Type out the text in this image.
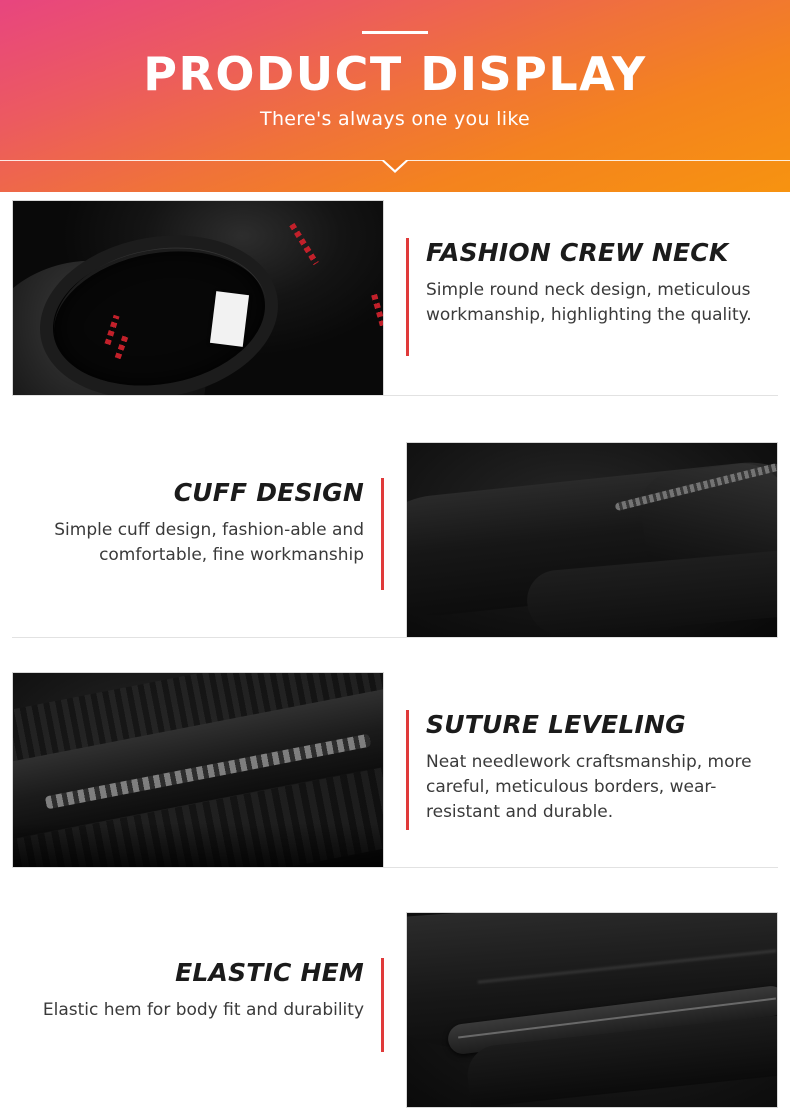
PRODUCT DISPLAY
There's always one you like
FASHION CREW NECK
Simple round neck design, meticulous workmanship, highlighting the quality.
CUFF DESIGN
Simple cuff design, fashion-able and comfortable, fine workmanship
SUTURE LEVELING
Neat needlework craftsmanship, more careful, meticulous borders, wear-resistant and durable.
ELASTIC HEM
Elastic hem for body fit and durability
